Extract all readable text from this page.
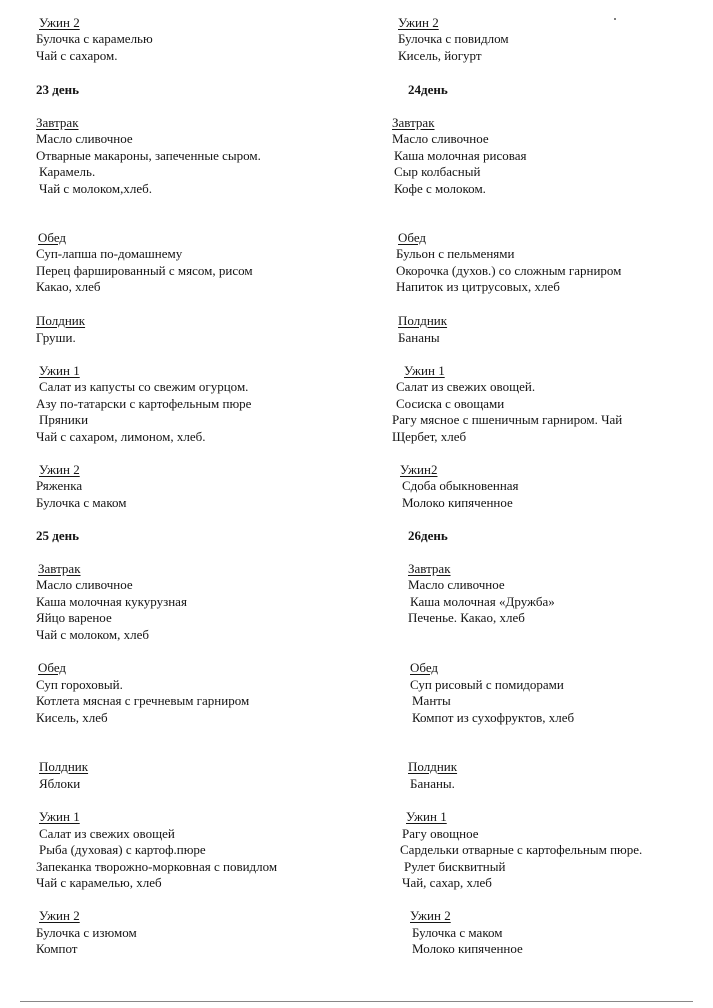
Ужин 2
Булочка с карамелью
Чай с сахаром.
23 день
Завтрак
Масло сливочное
Отварные макароны, запеченные сыром.
Карамель.
Чай с молоком,хлеб.
Обед
Суп-лапша по-домашнему
Перец фаршированный с мясом, рисом
Какао, хлеб
Полдник
Груши.
Ужин 1
Салат из капусты со свежим огурцом.
Азу по-татарски с картофельным пюре
Пряники
Чай с сахаром, лимоном, хлеб.
Ужин 2
Ряженка
Булочка с маком
25 день
Завтрак
Масло сливочное
Каша молочная кукурузная
Яйцо вареное
Чай с молоком, хлеб
Обед
Суп гороховый.
Котлета мясная с гречневым гарниром
Кисель, хлеб
Полдник
Яблоки
Ужин 1
Салат из свежих овощей
Рыба (духовая) с картоф.пюре
Запеканка творожно-морковная с повидлом
Чай с карамелью, хлеб
Ужин 2
Булочка с изюмом
Компот
Ужин 2
Булочка с повидлом
Кисель, йогурт
24день
Завтрак
Масло сливочное
Каша молочная рисовая
Сыр колбасный
Кофе с молоком.
Обед
Бульон с пельменями
Окорочка (духов.) со сложным гарниром
Напиток из цитрусовых, хлеб
Полдник
Бананы
Ужин 1
Салат из свежих овощей.
Сосиска с овощами
Рагу мясное с пшеничным гарниром. Чай
Щербет, хлеб
Ужин2
Сдоба обыкновенная
Молоко кипяченное
26день
Завтрак
Масло сливочное
Каша молочная «Дружба»
Печенье. Какао, хлеб
Обед
Суп рисовый с помидорами
Манты
Компот из сухофруктов, хлеб
Полдник
Бананы.
Ужин 1
Рагу овощное
Сардельки отварные с картофельным пюре.
Рулет бисквитный
Чай, сахар, хлеб
Ужин 2
Булочка с маком
Молоко кипяченное
